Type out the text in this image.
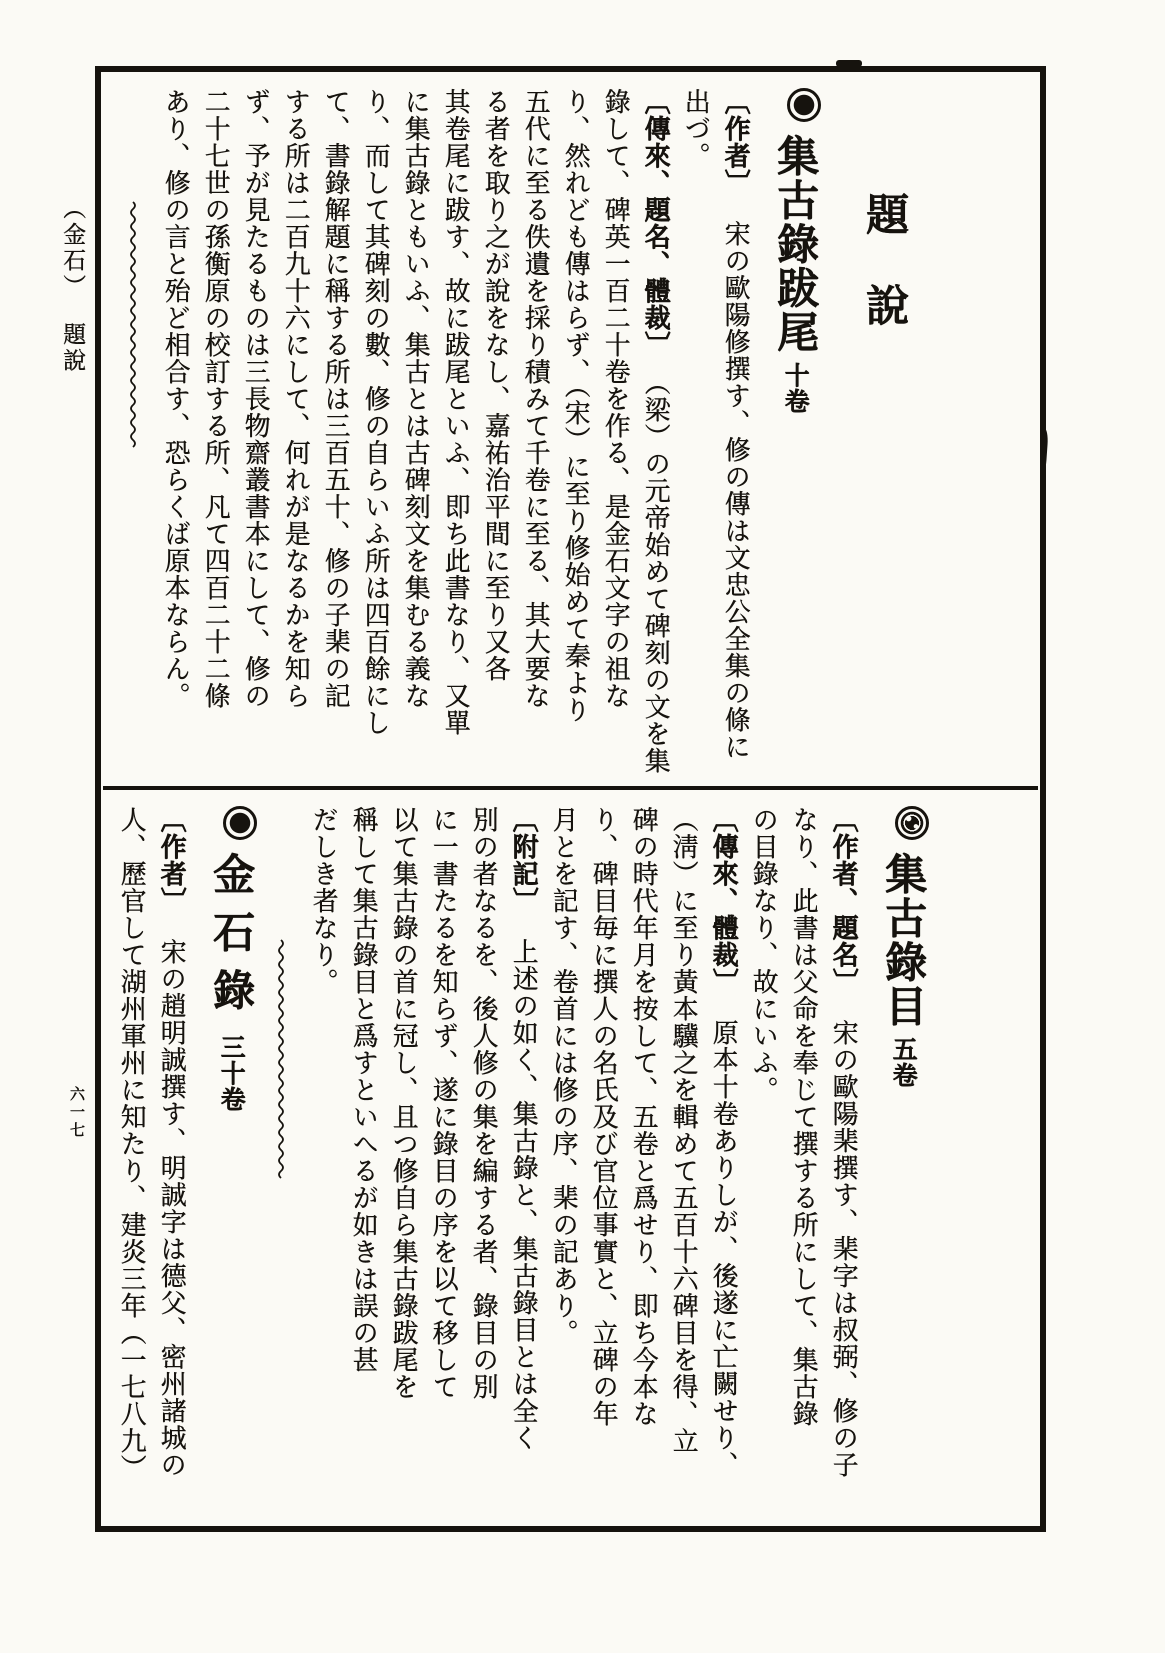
（金石）題說
六一七
題說
集古錄跋尾十卷
〔作者〕宋の歐陽修撰す、修の傳は文忠公全集の條に
出づ。
〔傳來、題名、體裁〕（梁）の元帝始めて碑刻の文を集
錄して、碑英一百二十卷を作る、是金石文字の祖な
り、然れども傳はらず、（宋）に至り修始めて秦より
五代に至る佚遺を採り積みて千卷に至る、其大要な
る者を取り之が說をなし、嘉祐治平間に至り又各
其卷尾に跋す、故に跋尾といふ、即ち此書なり、又單
に集古錄ともいふ、集古とは古碑刻文を集むる義な
り、而して其碑刻の數、修の自らいふ所は四百餘にし
て、書錄解題に稱する所は三百五十、修の子棐の記
する所は二百九十六にして、何れが是なるかを知ら
ず、予が見たるものは三長物齋叢書本にして、修の
二十七世の孫衡原の校訂する所、凡て四百二十二條
あり、修の言と殆ど相合す、恐らくば原本ならん。
集古錄目五卷
〔作者、題名〕宋の歐陽棐撰す、棐字は叔弼、修の子
なり、此書は父命を奉じて撰する所にして、集古錄
の目錄なり、故にいふ。
〔傳來、體裁〕原本十卷ありしが、後遂に亡闕せり、
（淸）に至り黃本驥之を輯めて五百十六碑目を得、立
碑の時代年月を按して、五卷と爲せり、即ち今本な
り、碑目毎に撰人の名氏及び官位事實と、立碑の年
月とを記す、卷首には修の序、棐の記あり。
〔附記〕上述の如く、集古錄と、集古錄目とは全く
別の者なるを、後人修の集を編する者、錄目の別
に一書たるを知らず、遂に錄目の序を以て移して
以て集古錄の首に冠し、且つ修自ら集古錄跋尾を
稱して集古錄目と爲すといへるが如きは誤の甚
だしき者なり。
金石錄三十卷
〔作者〕宋の趙明誠撰す、明誠字は德父、密州諸城の
人、歷官して湖州軍州に知たり、建炎三年（一七八九）
